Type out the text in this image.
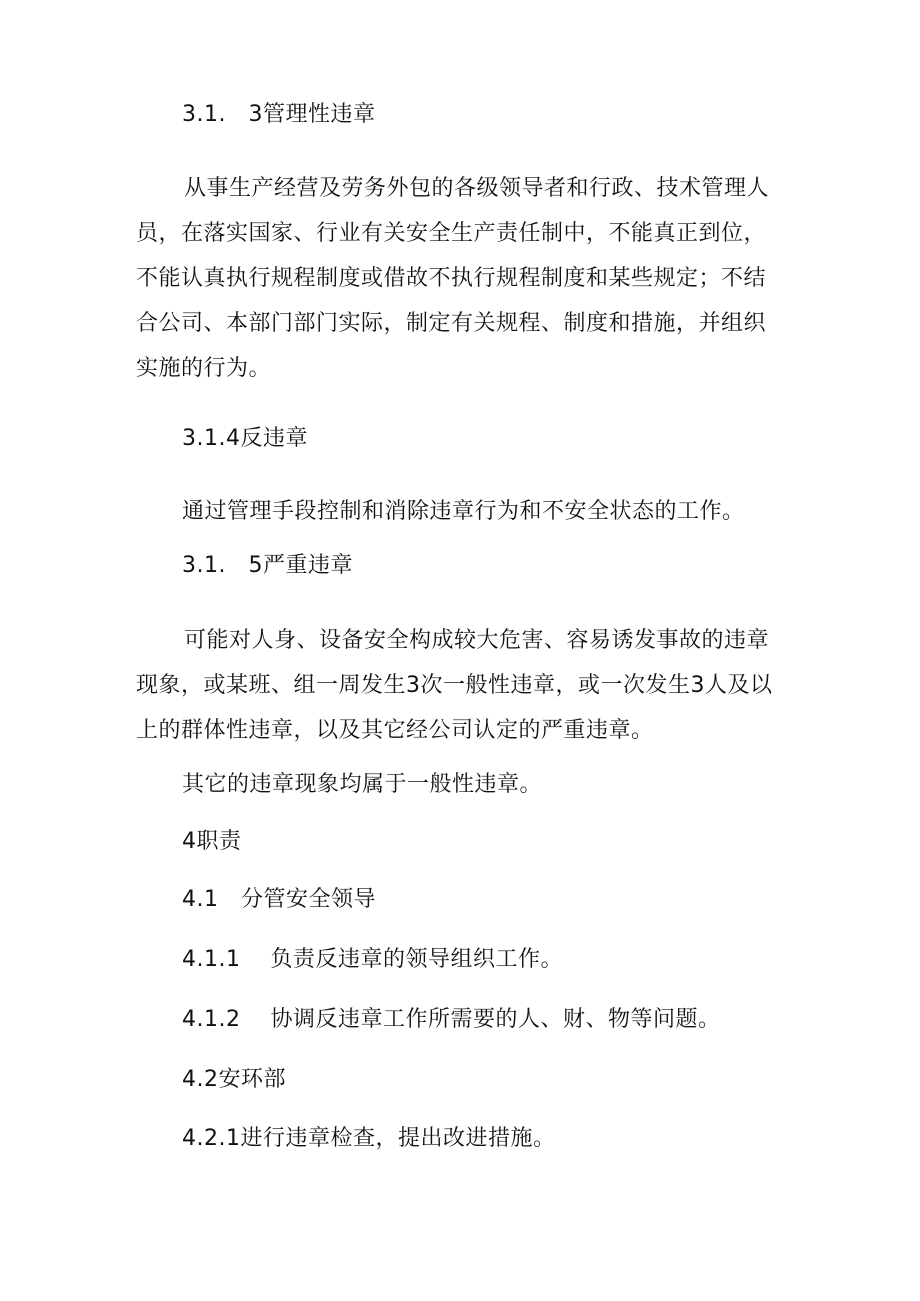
3.1.   3管理性违章
从事生产经营及劳务外包的各级领导者和行政、技术管理人
员，在落实国家、行业有关安全生产责任制中，不能真正到位，
不能认真执行规程制度或借故不执行规程制度和某些规定；不结
合公司、本部门部门实际，制定有关规程、制度和措施，并组织
实施的行为。
3.1.4反违章
通过管理手段控制和消除违章行为和不安全状态的工作。
3.1.   5严重违章
可能对人身、设备安全构成较大危害、容易诱发事故的违章
现象，或某班、组一周发生3次一般性违章，或一次发生3人及以
上的群体性违章，以及其它经公司认定的严重违章。
其它的违章现象均属于一般性违章。
4职责
4.1   分管安全领导
4.1.1    负责反违章的领导组织工作。
4.1.2    协调反违章工作所需要的人、财、物等问题。
4.2安环部
4.2.1进行违章检查，提出改进措施。
